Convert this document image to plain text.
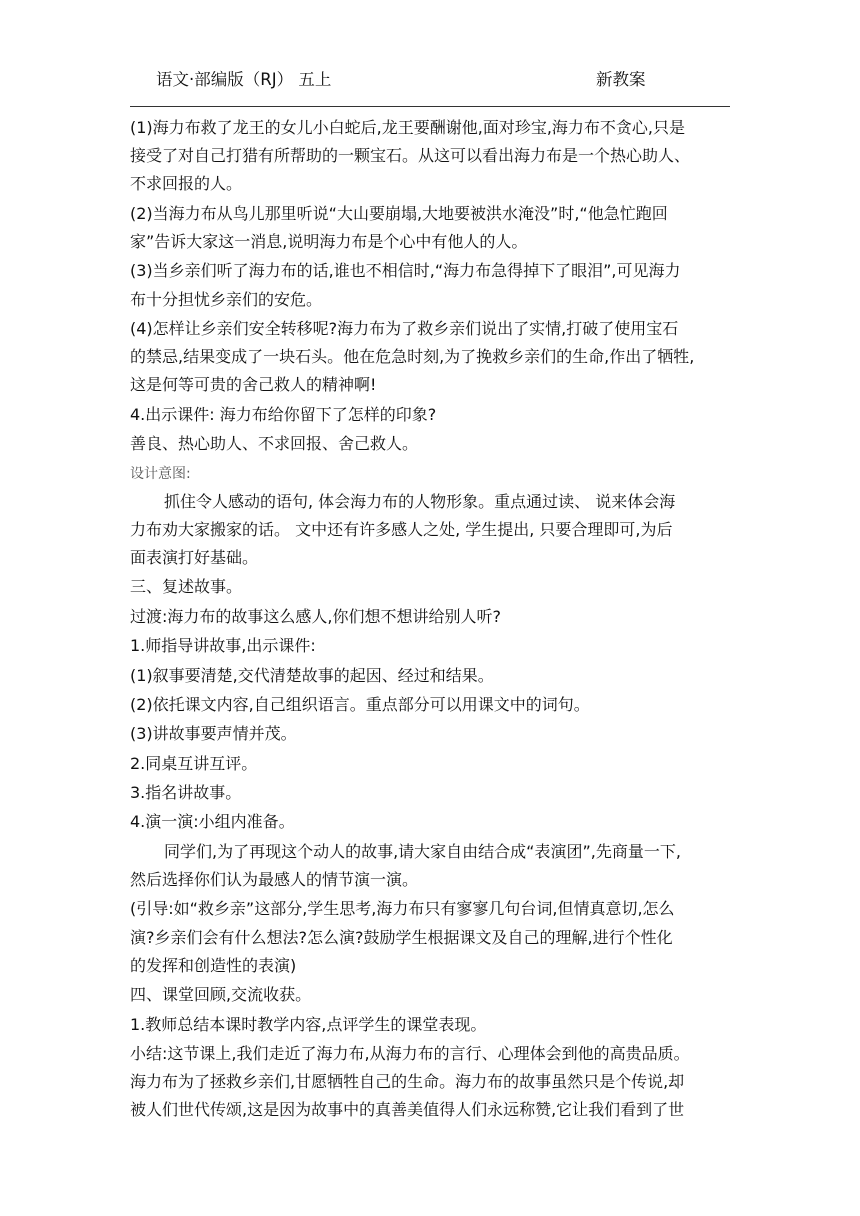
语文·部编版（RJ） 五上	新教案
(1)海力布救了龙王的女儿小白蛇后,龙王要酬谢他,面对珍宝,海力布不贪心,只是
接受了对自己打猎有所帮助的一颗宝石。从这可以看出海力布是一个热心助人、
不求回报的人。
(2)当海力布从鸟儿那里听说“大山要崩塌,大地要被洪水淹没”时,“他急忙跑回
家”告诉大家这一消息,说明海力布是个心中有他人的人。
(3)当乡亲们听了海力布的话,谁也不相信时,“海力布急得掉下了眼泪”,可见海力
布十分担忧乡亲们的安危。
(4)怎样让乡亲们安全转移呢?海力布为了救乡亲们说出了实情,打破了使用宝石
的禁忌,结果变成了一块石头。他在危急时刻,为了挽救乡亲们的生命,作出了牺牲,
这是何等可贵的舍己救人的精神啊!
4.出示课件: 海力布给你留下了怎样的印象?
善良、热心助人、不求回报、舍己救人。
设计意图:
抓住令人感动的语句, 体会海力布的人物形象。重点通过读、 说来体会海
力布劝大家搬家的话。 文中还有许多感人之处, 学生提出, 只要合理即可,为后
面表演打好基础。
三、复述故事。
过渡:海力布的故事这么感人,你们想不想讲给别人听?
1.师指导讲故事,出示课件:
(1)叙事要清楚,交代清楚故事的起因、经过和结果。
(2)依托课文内容,自己组织语言。重点部分可以用课文中的词句。
(3)讲故事要声情并茂。
2.同桌互讲互评。
3.指名讲故事。
4.演一演:小组内准备。
同学们,为了再现这个动人的故事,请大家自由结合成“表演团”,先商量一下,
然后选择你们认为最感人的情节演一演。
(引导:如“救乡亲”这部分,学生思考,海力布只有寥寥几句台词,但情真意切,怎么
演?乡亲们会有什么想法?怎么演?鼓励学生根据课文及自己的理解,进行个性化
的发挥和创造性的表演)
四、课堂回顾,交流收获。
1.教师总结本课时教学内容,点评学生的课堂表现。
小结:这节课上,我们走近了海力布,从海力布的言行、心理体会到他的高贵品质。
海力布为了拯救乡亲们,甘愿牺牲自己的生命。海力布的故事虽然只是个传说,却
被人们世代传颂,这是因为故事中的真善美值得人们永远称赞,它让我们看到了世
